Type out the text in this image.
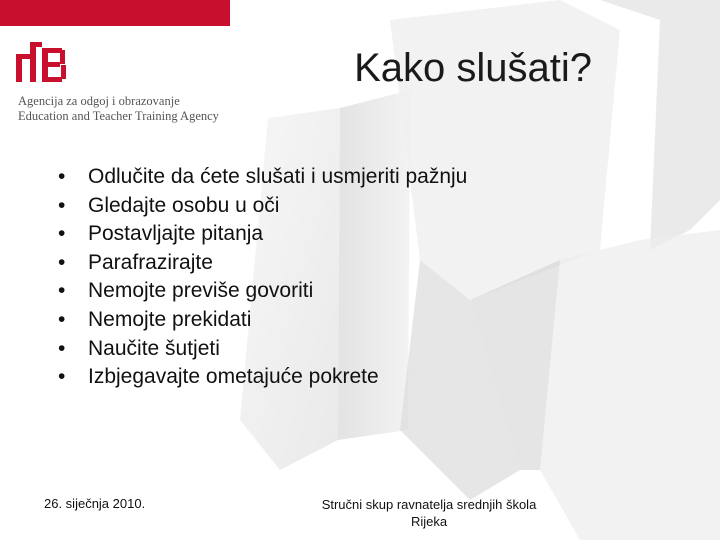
Agencija za odgoj i obrazovanje
Education and Teacher Training Agency
Kako slušati?
• Odlučite da ćete slušati i usmjeriti pažnju
• Gledajte osobu u oči
• Postavljajte pitanja
• Parafrazirajte
• Nemojte previše govoriti
• Nemojte prekidati
• Naučite šutjeti
• Izbjegavajte ometajuće pokrete
26. siječnja 2010.	Stručni skup ravnatelja srednjih škola
Rijeka
